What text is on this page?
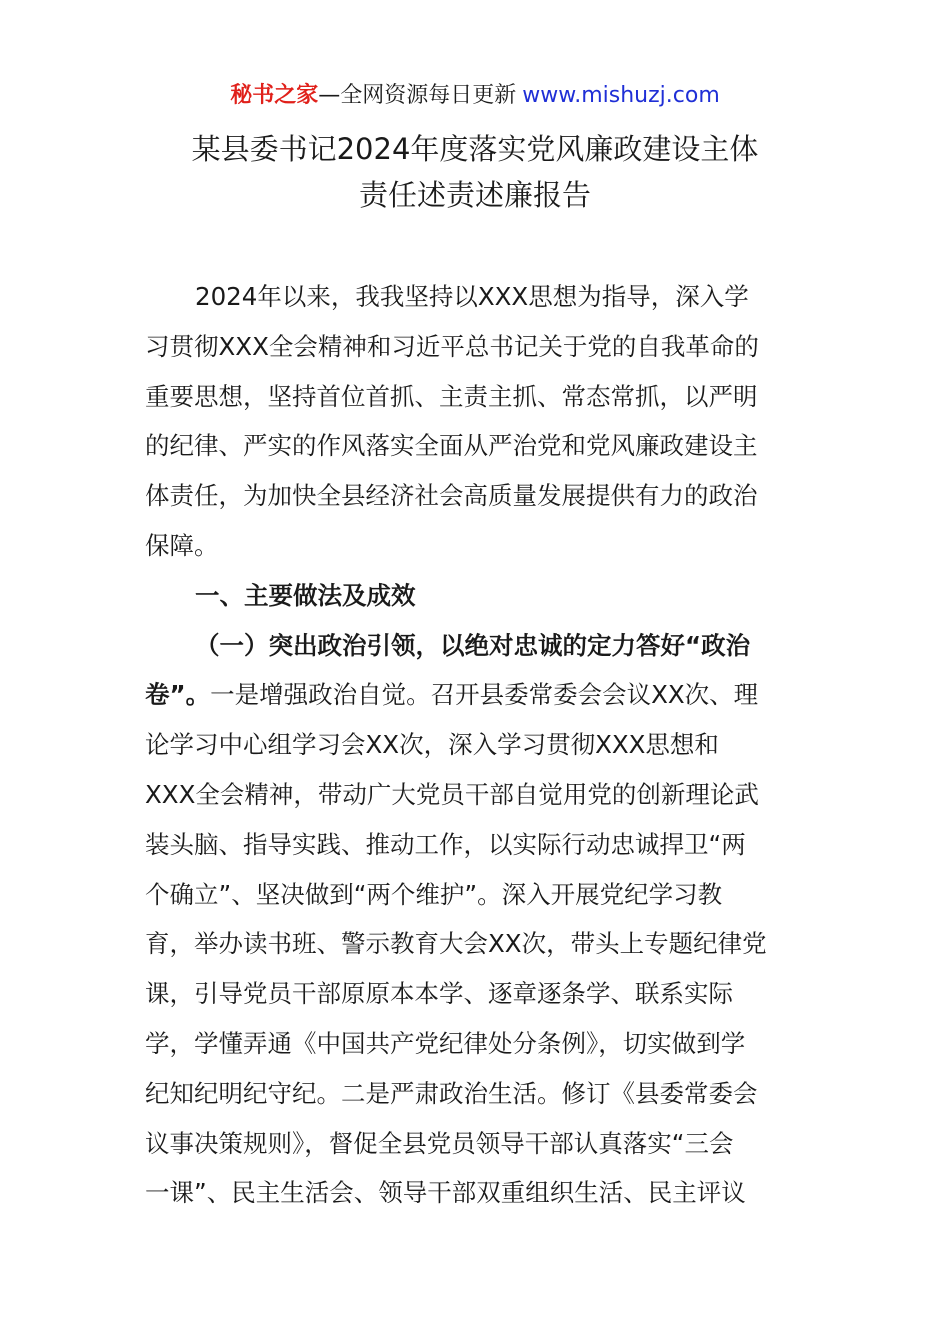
秘书之家—全网资源每日更新 www.mishuzj.com
某县委书记2024年度落实党风廉政建设主体
责任述责述廉报告
2024年以来，我我坚持以XXX思想为指导，深入学
习贯彻XXX全会精神和习近平总书记关于党的自我革命的
重要思想，坚持首位首抓、主责主抓、常态常抓，以严明
的纪律、严实的作风落实全面从严治党和党风廉政建设主
体责任，为加快全县经济社会高质量发展提供有力的政治
保障。
一、主要做法及成效
（一）突出政治引领，以绝对忠诚的定力答好“政治
卷”。一是增强政治自觉。召开县委常委会会议XX次、理
论学习中心组学习会XX次，深入学习贯彻XXX思想和
XXX全会精神，带动广大党员干部自觉用党的创新理论武
装头脑、指导实践、推动工作，以实际行动忠诚捍卫“两
个确立”、坚决做到“两个维护”。深入开展党纪学习教
育，举办读书班、警示教育大会XX次，带头上专题纪律党
课，引导党员干部原原本本学、逐章逐条学、联系实际
学，学懂弄通《中国共产党纪律处分条例》，切实做到学
纪知纪明纪守纪。二是严肃政治生活。修订《县委常委会
议事决策规则》，督促全县党员领导干部认真落实“三会
一课”、民主生活会、领导干部双重组织生活、民主评议
